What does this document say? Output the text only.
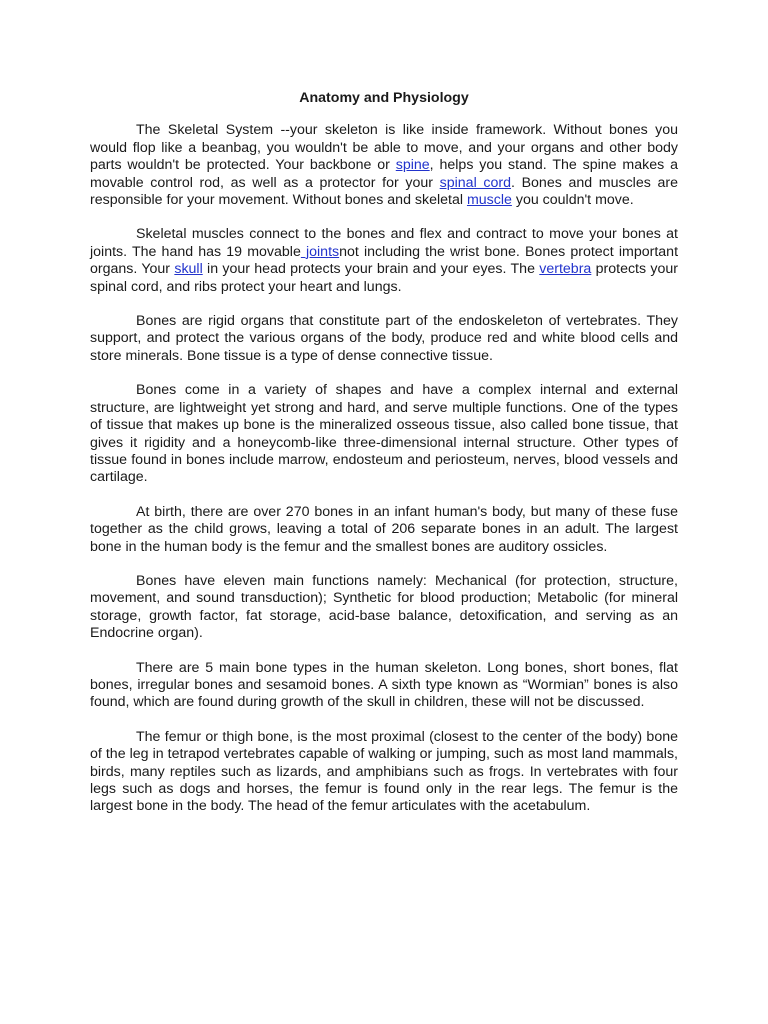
Anatomy and Physiology

The Skeletal System --your skeleton is like inside framework. Without bones you would flop like a beanbag, you wouldn't be able to move, and your organs and other body parts wouldn't be protected. Your backbone or spine, helps you stand. The spine makes a movable control rod, as well as a protector for your spinal cord. Bones and muscles are responsible for your movement. Without bones and skeletal muscle you couldn't move.

Skeletal muscles connect to the bones and flex and contract to move your bones at joints. The hand has 19 movable jointsnot including the wrist bone. Bones protect important organs. Your skull in your head protects your brain and your eyes. The vertebra protects your spinal cord, and ribs protect your heart and lungs.

Bones are rigid organs that constitute part of the endoskeleton of vertebrates. They support, and protect the various organs of the body, produce red and white blood cells and store minerals. Bone tissue is a type of dense connective tissue.

Bones come in a variety of shapes and have a complex internal and external structure, are lightweight yet strong and hard, and serve multiple functions. One of the types of tissue that makes up bone is the mineralized osseous tissue, also called bone tissue, that gives it rigidity and a honeycomb-like three-dimensional internal structure. Other types of tissue found in bones include marrow, endosteum and periosteum, nerves, blood vessels and cartilage.

At birth, there are over 270 bones in an infant human's body, but many of these fuse together as the child grows, leaving a total of 206 separate bones in an adult. The largest bone in the human body is the femur and the smallest bones are auditory ossicles.

Bones have eleven main functions namely: Mechanical (for protection, structure, movement, and sound transduction); Synthetic for blood production; Metabolic (for mineral storage, growth factor, fat storage, acid-base balance, detoxification, and serving as an Endocrine organ).

There are 5 main bone types in the human skeleton. Long bones, short bones, flat bones, irregular bones and sesamoid bones. A sixth type known as “Wormian” bones is also found, which are found during growth of the skull in children, these will not be discussed.

The femur or thigh bone, is the most proximal (closest to the center of the body) bone of the leg in tetrapod vertebrates capable of walking or jumping, such as most land mammals, birds, many reptiles such as lizards, and amphibians such as frogs. In vertebrates with four legs such as dogs and horses, the femur is found only in the rear legs. The femur is the largest bone in the body. The head of the femur articulates with the acetabulum.
